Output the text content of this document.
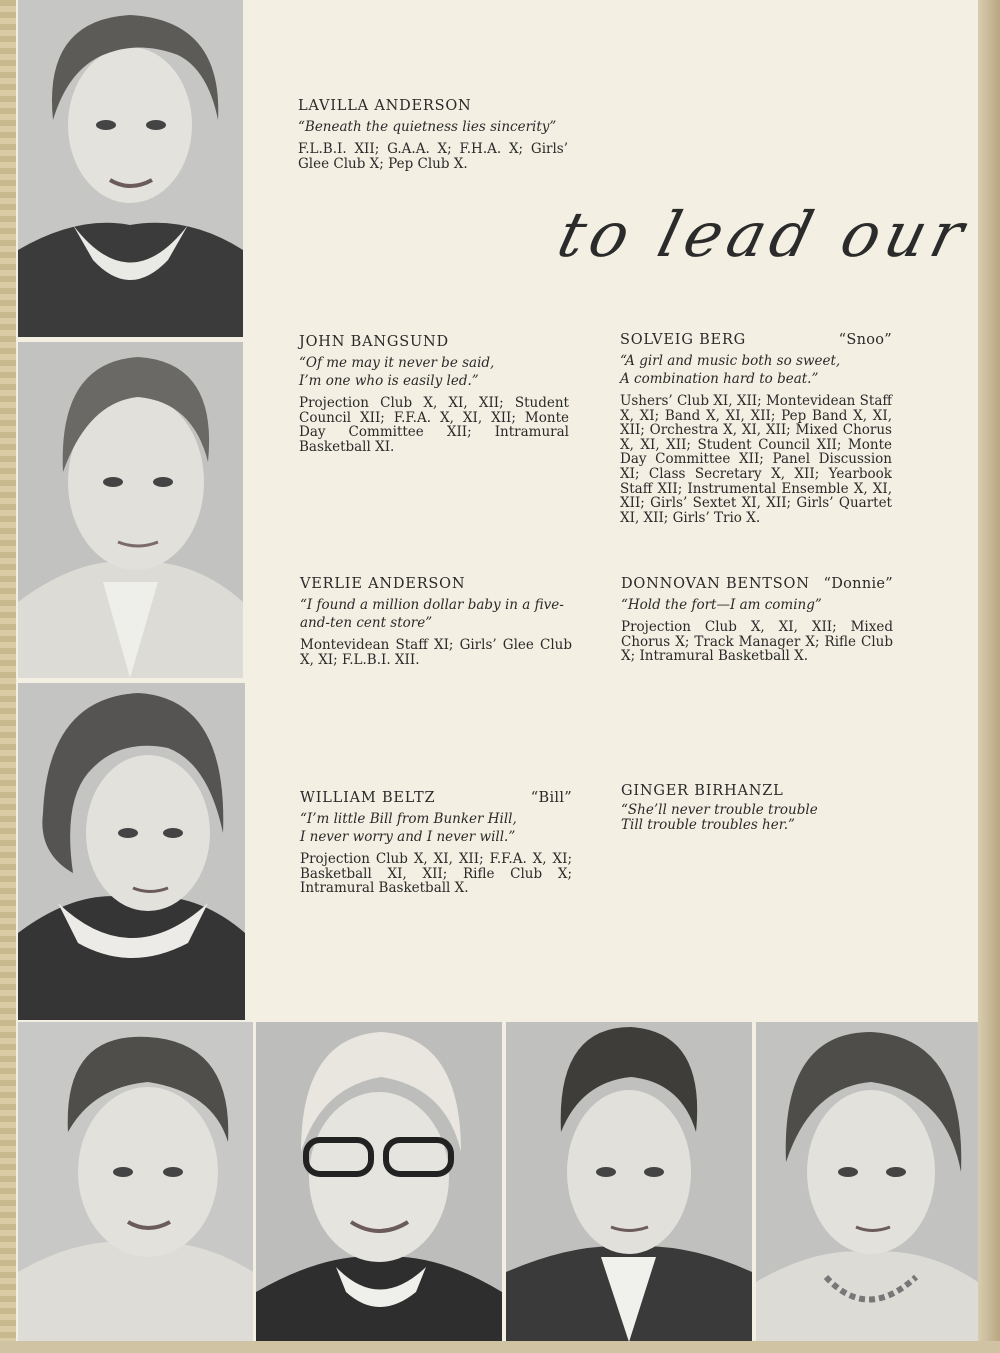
to lead our
LAVILLA ANDERSON

“Beneath the quietness lies sincerity”

F.L.B.I. XII; G.A.A. X; F.H.A. X; Girls’ Glee Club X; Pep Club X.

JOHN BANGSUND

“Of me may it never be said,
I’m one who is easily led.”

Projection Club X, XI, XII; Student Council XII; F.F.A. X, XI, XII; Monte Day Committee XII; Intramural Basketball XI.

SOLVEIG BERG	“Snoo”

“A girl and music both so sweet,
A combination hard to beat.”

Ushers’ Club XI, XII; Montevidean Staff X, XI; Band X, XI, XII; Pep Band X, XI, XII; Orchestra X, XI, XII; Mixed Chorus X, XI, XII; Student Council XII; Monte Day Committee XII; Panel Discussion XI; Class Secretary X, XII; Yearbook Staff XII; Instrumental Ensemble X, XI, XII; Girls’ Sextet XI, XII; Girls’ Quartet XI, XII; Girls’ Trio X.

VERLIE ANDERSON

“I found a million dollar baby in a five-
and-ten cent store”

Montevidean Staff XI; Girls’ Glee Club X, XI; F.L.B.I. XII.

DONNOVAN BENTSON “Donnie”

“Hold the fort—I am coming”

Projection Club X, XI, XII; Mixed Chorus X; Track Manager X; Rifle Club X; Intramural Basketball X.

WILLIAM BELTZ	“Bill”

“I’m little Bill from Bunker Hill,
I never worry and I never will.”

Projection Club X, XI, XII; F.F.A. X, XI; Basketball XI, XII; Rifle Club X; Intramural Basketball X.

GINGER BIRHANZL

“She’ll never trouble trouble
Till trouble troubles her.”
